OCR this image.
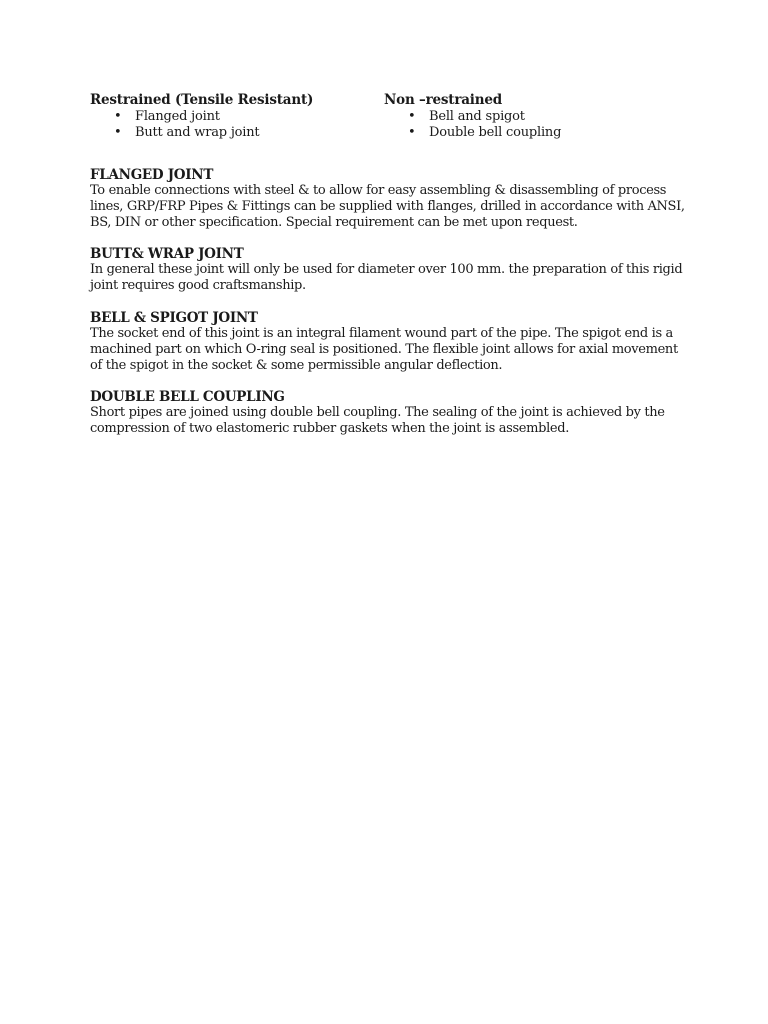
Restrained (Tensile Resistant)
• Flanged joint
• Butt and wrap joint
Non –restrained
• Bell and spigot
• Double bell coupling
FLANGED JOINT

To enable connections with steel & to allow for easy assembling & disassembling of process lines, GRP/FRP Pipes & Fittings can be supplied with flanges, drilled in accordance with ANSI, BS, DIN or other specification. Special requirement can be met upon request.

BUTT& WRAP JOINT

In general these joint will only be used for diameter over 100 mm. the preparation of this rigid joint requires good craftsmanship.

BELL & SPIGOT JOINT

The socket end of this joint is an integral filament wound part of the pipe. The spigot end is a machined part on which O-ring seal is positioned. The flexible joint allows for axial movement of the spigot in the socket & some permissible angular deflection.

DOUBLE BELL COUPLING

Short pipes are joined using double bell coupling. The sealing of the joint is achieved by the compression of two elastomeric rubber gaskets when the joint is assembled.
